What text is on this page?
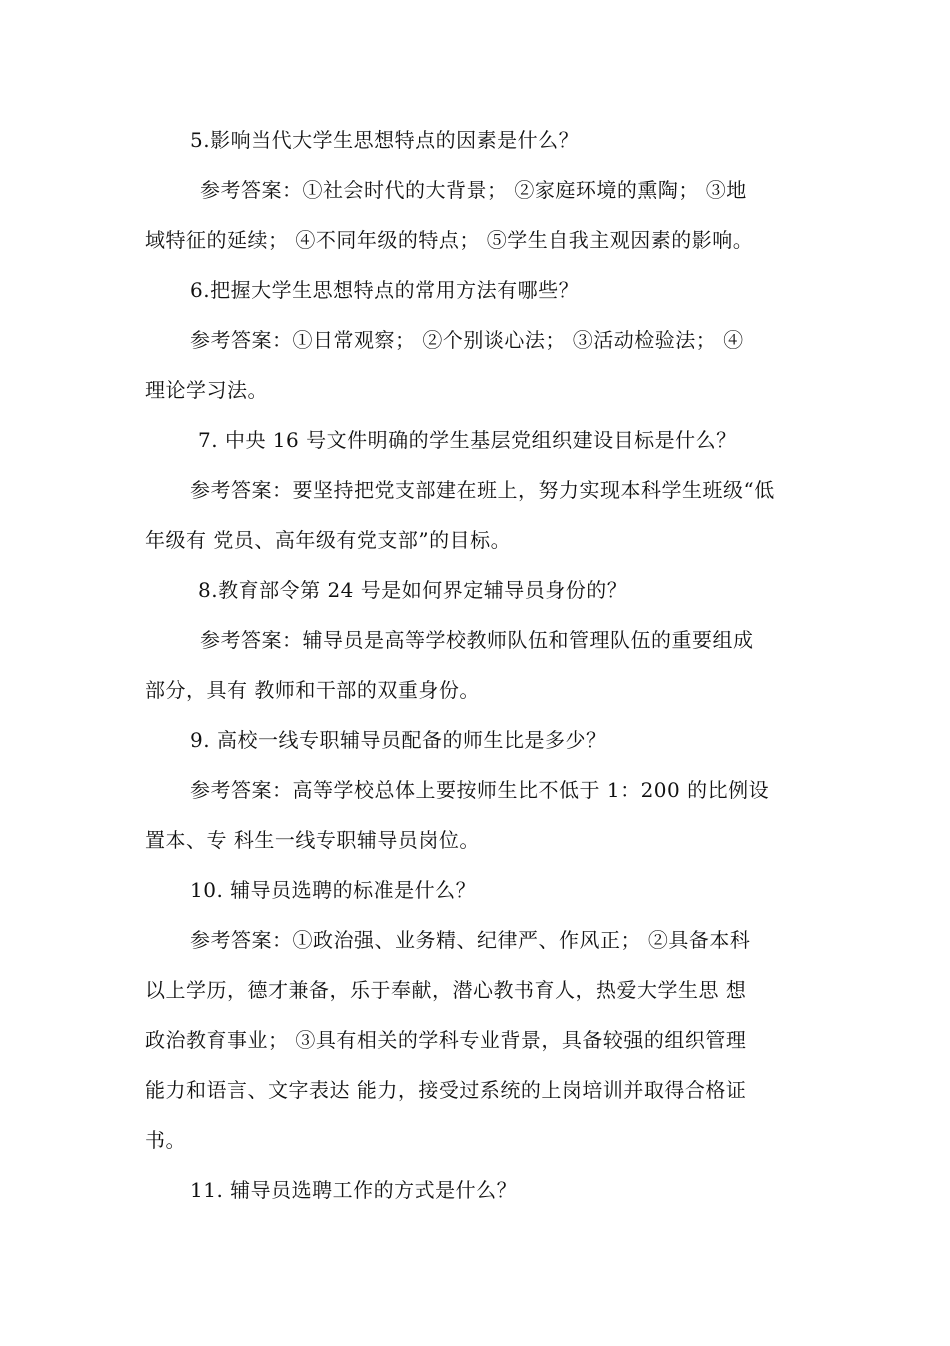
5.影响当代大学生思想特点的因素是什么？
参考答案：①社会时代的大背景； ②家庭环境的熏陶； ③地
域特征的延续； ④不同年级的特点； ⑤学生自我主观因素的影响。
6.把握大学生思想特点的常用方法有哪些？
参考答案：①日常观察； ②个别谈心法； ③活动检验法； ④
理论学习法。
7. 中央 16 号文件明确的学生基层党组织建设目标是什么？
参考答案：要坚持把党支部建在班上，努力实现本科学生班级“低
年级有 党员、高年级有党支部”的目标。
8.教育部令第 24 号是如何界定辅导员身份的？
参考答案：辅导员是高等学校教师队伍和管理队伍的重要组成
部分，具有 教师和干部的双重身份。
9. 高校一线专职辅导员配备的师生比是多少？
参考答案：高等学校总体上要按师生比不低于 1：200 的比例设
置本、专 科生一线专职辅导员岗位。
10. 辅导员选聘的标准是什么？
参考答案：①政治强、业务精、纪律严、作风正； ②具备本科
以上学历，德才兼备，乐于奉献，潜心教书育人，热爱大学生思 想
政治教育事业； ③具有相关的学科专业背景，具备较强的组织管理
能力和语言、文字表达 能力，接受过系统的上岗培训并取得合格证
书。
11. 辅导员选聘工作的方式是什么？
